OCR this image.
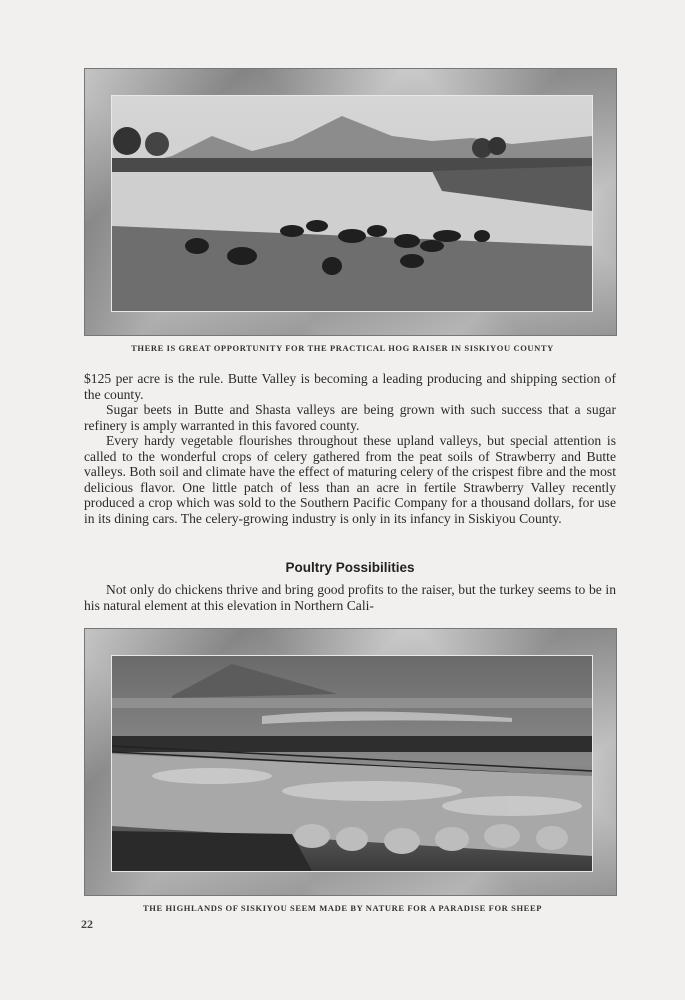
THERE IS GREAT OPPORTUNITY FOR THE PRACTICAL HOG RAISER IN SISKIYOU COUNTY

$125 per acre is the rule. Butte Valley is becoming a leading producing and shipping section of the county.

Sugar beets in Butte and Shasta valleys are being grown with such success that a sugar refinery is amply warranted in this favored county.

Every hardy vegetable flourishes throughout these upland valleys, but special attention is called to the wonderful crops of celery gathered from the peat soils of Strawberry and Butte valleys. Both soil and climate have the effect of maturing celery of the crispest fibre and the most delicious flavor. One little patch of less than an acre in fertile Strawberry Valley recently produced a crop which was sold to the Southern Pacific Company for a thousand dollars, for use in its dining cars. The celery-growing industry is only in its infancy in Siskiyou County.

Poultry Possibilities

Not only do chickens thrive and bring good profits to the raiser, but the turkey seems to be in his natural element at this elevation in Northern Cali-

THE HIGHLANDS OF SISKIYOU SEEM MADE BY NATURE FOR A PARADISE FOR SHEEP
22
